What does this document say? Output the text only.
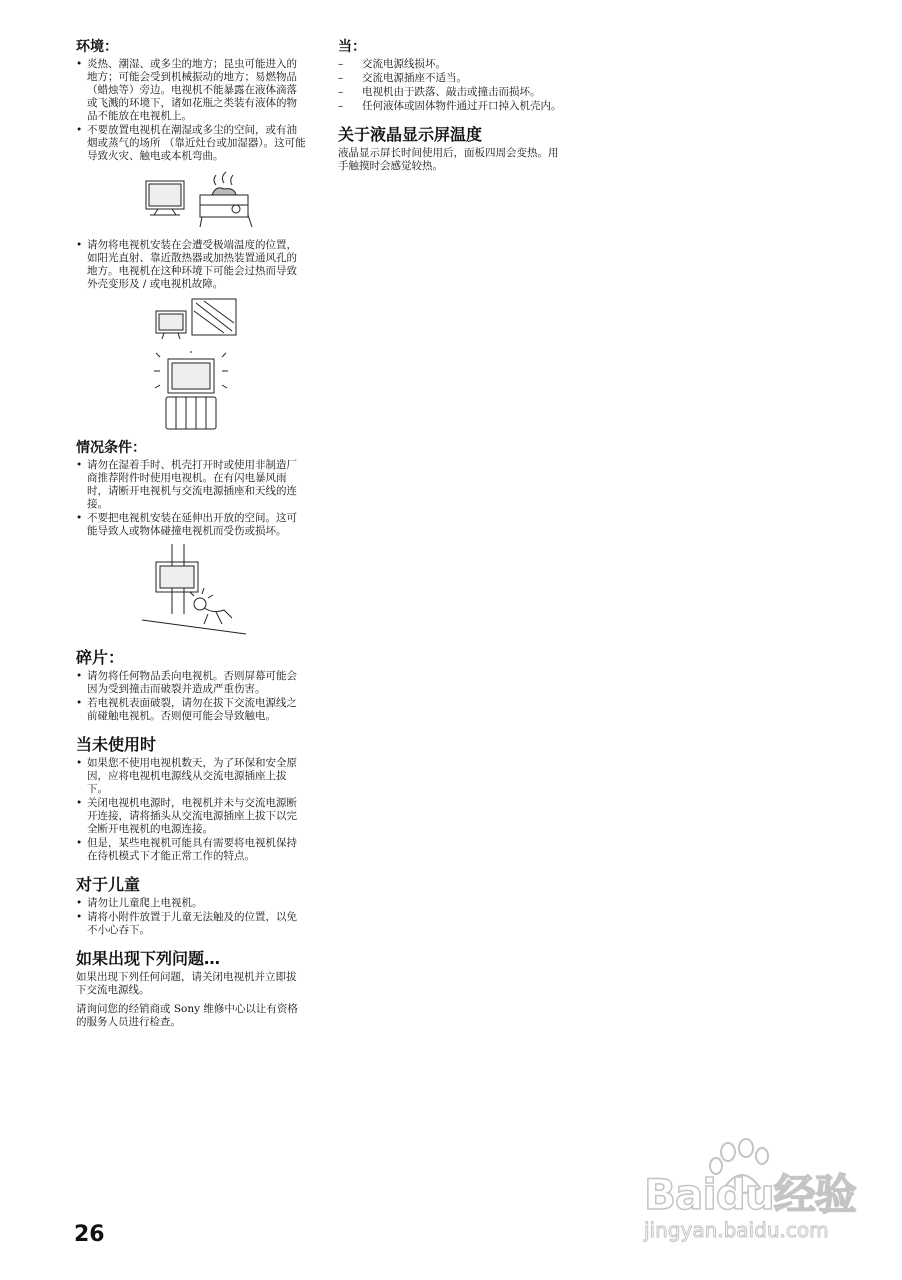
环境：
• 炎热、潮湿、或多尘的地方；昆虫可能进入的地方；可能会受到机械振动的地方；易燃物品 （蜡烛等）旁边。电视机不能暴露在液体滴落或飞溅的环境下，诸如花瓶之类装有液体的物品不能放在电视机上。
• 不要放置电视机在潮湿或多尘的空间，或有油烟或蒸气的场所 （靠近灶台或加湿器）。这可能导致火灾、触电或本机弯曲。
• 请勿将电视机安装在会遭受极端温度的位置，如阳光直射、靠近散热器或加热装置通风孔的地方。电视机在这种环境下可能会过热而导致外壳变形及 / 或电视机故障。
情况条件：
• 请勿在湿着手时、机壳打开时或使用非制造厂商推荐附件时使用电视机。在有闪电暴风雨时，请断开电视机与交流电源插座和天线的连接。
• 不要把电视机安装在延伸出开放的空间。这可能导致人或物体碰撞电视机而受伤或损坏。
碎片：
• 请勿将任何物品丢向电视机。否则屏幕可能会因为受到撞击而破裂并造成严重伤害。
• 若电视机表面破裂，请勿在拔下交流电源线之前碰触电视机。否则便可能会导致触电。
当未使用时
• 如果您不使用电视机数天，为了环保和安全原因，应将电视机电源线从交流电源插座上拔下。
• 关闭电视机电源时，电视机并未与交流电源断开连接，请将插头从交流电源插座上拔下以完全断开电视机的电源连接。
• 但是，某些电视机可能具有需要将电视机保持在待机模式下才能正常工作的特点。
对于儿童
• 请勿让儿童爬上电视机。
• 请将小附件放置于儿童无法触及的位置，以免不小心吞下。
如果出现下列问题…

如果出现下列任何问题，请关闭电视机并立即拔下交流电源线。

请询问您的经销商或 Sony 维修中心以让有资格的服务人员进行检查。

当：
– 交流电源线损坏。
– 交流电源插座不适当。
– 电视机由于跌落、敲击或撞击而损坏。
– 任何液体或固体物件通过开口掉入机壳内。
关于液晶显示屏温度

液晶显示屏长时间使用后，面板四周会变热。用手触摸时会感觉较热。

26
Baidu经验
jingyan.baidu.com
